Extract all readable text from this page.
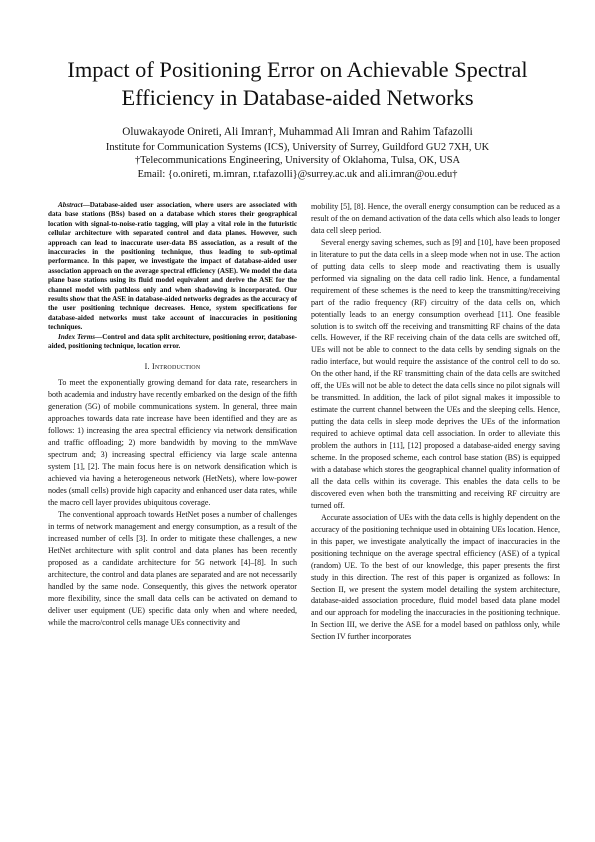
Impact of Positioning Error on Achievable Spectral Efficiency in Database-aided Networks
Oluwakayode Onireti, Ali Imran†, Muhammad Ali Imran and Rahim Tafazolli
Institute for Communication Systems (ICS), University of Surrey, Guildford GU2 7XH, UK
†Telecommunications Engineering, University of Oklahoma, Tulsa, OK, USA
Email: {o.onireti, m.imran, r.tafazolli}@surrey.ac.uk and ali.imran@ou.edu†

Abstract—Database-aided user association, where users are associated with data base stations (BSs) based on a database which stores their geographical location with signal-to-noise-ratio tagging, will play a vital role in the futuristic cellular architecture with separated control and data planes. However, such approach can lead to inaccurate user-data BS association, as a result of the inaccuracies in the positioning technique, thus leading to sub-optimal performance. In this paper, we investigate the impact of database-aided user association approach on the average spectral efficiency (ASE). We model the data plane base stations using its fluid model equivalent and derive the ASE for the channel model with pathloss only and when shadowing is incorporated. Our results show that the ASE in database-aided networks degrades as the accuracy of the user positioning technique decreases. Hence, system specifications for database-aided networks must take account of inaccuracies in positioning techniques.

Index Terms—Control and data split architecture, positioning error, database-aided, positioning technique, location error.

I. Introduction

To meet the exponentially growing demand for data rate, researchers in both academia and industry have recently embarked on the design of the fifth generation (5G) of mobile communications system. In general, three main approaches towards data rate increase have been identified and they are as follows: 1) increasing the area spectral efficiency via network densification and traffic offloading; 2) more bandwidth by moving to the mmWave spectrum and; 3) increasing spectral efficiency via large scale antenna system [1], [2]. The main focus here is on network densification which is achieved via having a heterogeneous network (HetNets), where low-power nodes (small cells) provide high capacity and enhanced user data rates, while the macro cell layer provides ubiquitous coverage.

The conventional approach towards HetNet poses a number of challenges in terms of network management and energy consumption, as a result of the increased number of cells [3]. In order to mitigate these challenges, a new HetNet architecture with split control and data planes has been recently proposed as a candidate architecture for 5G network [4]–[8]. In such architecture, the control and data planes are separated and are not necessarily handled by the same node. Consequently, this gives the network operator more flexibility, since the small data cells can be activated on demand to deliver user equipment (UE) specific data only when and where needed, while the macro/control cells manage UEs connectivity and

mobility [5], [8]. Hence, the overall energy consumption can be reduced as a result of the on demand activation of the data cells which also leads to longer data cell sleep period.

Several energy saving schemes, such as [9] and [10], have been proposed in literature to put the data cells in a sleep mode when not in use. The action of putting data cells to sleep mode and reactivating them is usually performed via signaling on the data cell radio link. Hence, a fundamental requirement of these schemes is the need to keep the transmitting/receiving part of the radio frequency (RF) circuitry of the data cells on, which potentially leads to an energy consumption overhead [11]. One feasible solution is to switch off the receiving and transmitting RF chains of the data cells. However, if the RF receiving chain of the data cells are switched off, UEs will not be able to connect to the data cells by sending signals on the radio interface, but would require the assistance of the control cell to do so. On the other hand, if the RF transmitting chain of the data cells are switched off, the UEs will not be able to detect the data cells since no pilot signals will be transmitted. In addition, the lack of pilot signal makes it impossible to estimate the current channel between the UEs and the sleeping cells. Hence, putting the data cells in sleep mode deprives the UEs of the information required to achieve optimal data cell association. In order to alleviate this problem the authors in [11], [12] proposed a database-aided energy saving scheme. In the proposed scheme, each control base station (BS) is equipped with a database which stores the geographical channel quality information of all the data cells within its coverage. This enables the data cells to be discovered even when both the transmitting and receiving RF circuitry are turned off.

Accurate association of UEs with the data cells is highly dependent on the accuracy of the positioning technique used in obtaining UEs location. Hence, in this paper, we investigate analytically the impact of inaccuracies in the positioning technique on the average spectral efficiency (ASE) of a typical (random) UE. To the best of our knowledge, this paper presents the first study in this direction. The rest of this paper is organized as follows: In Section II, we present the system model detailing the system architecture, database-aided association procedure, fluid model based data plane model and our approach for modeling the inaccuracies in the positioning technique. In Section III, we derive the ASE for a model based on pathloss only, while Section IV further incorporates
